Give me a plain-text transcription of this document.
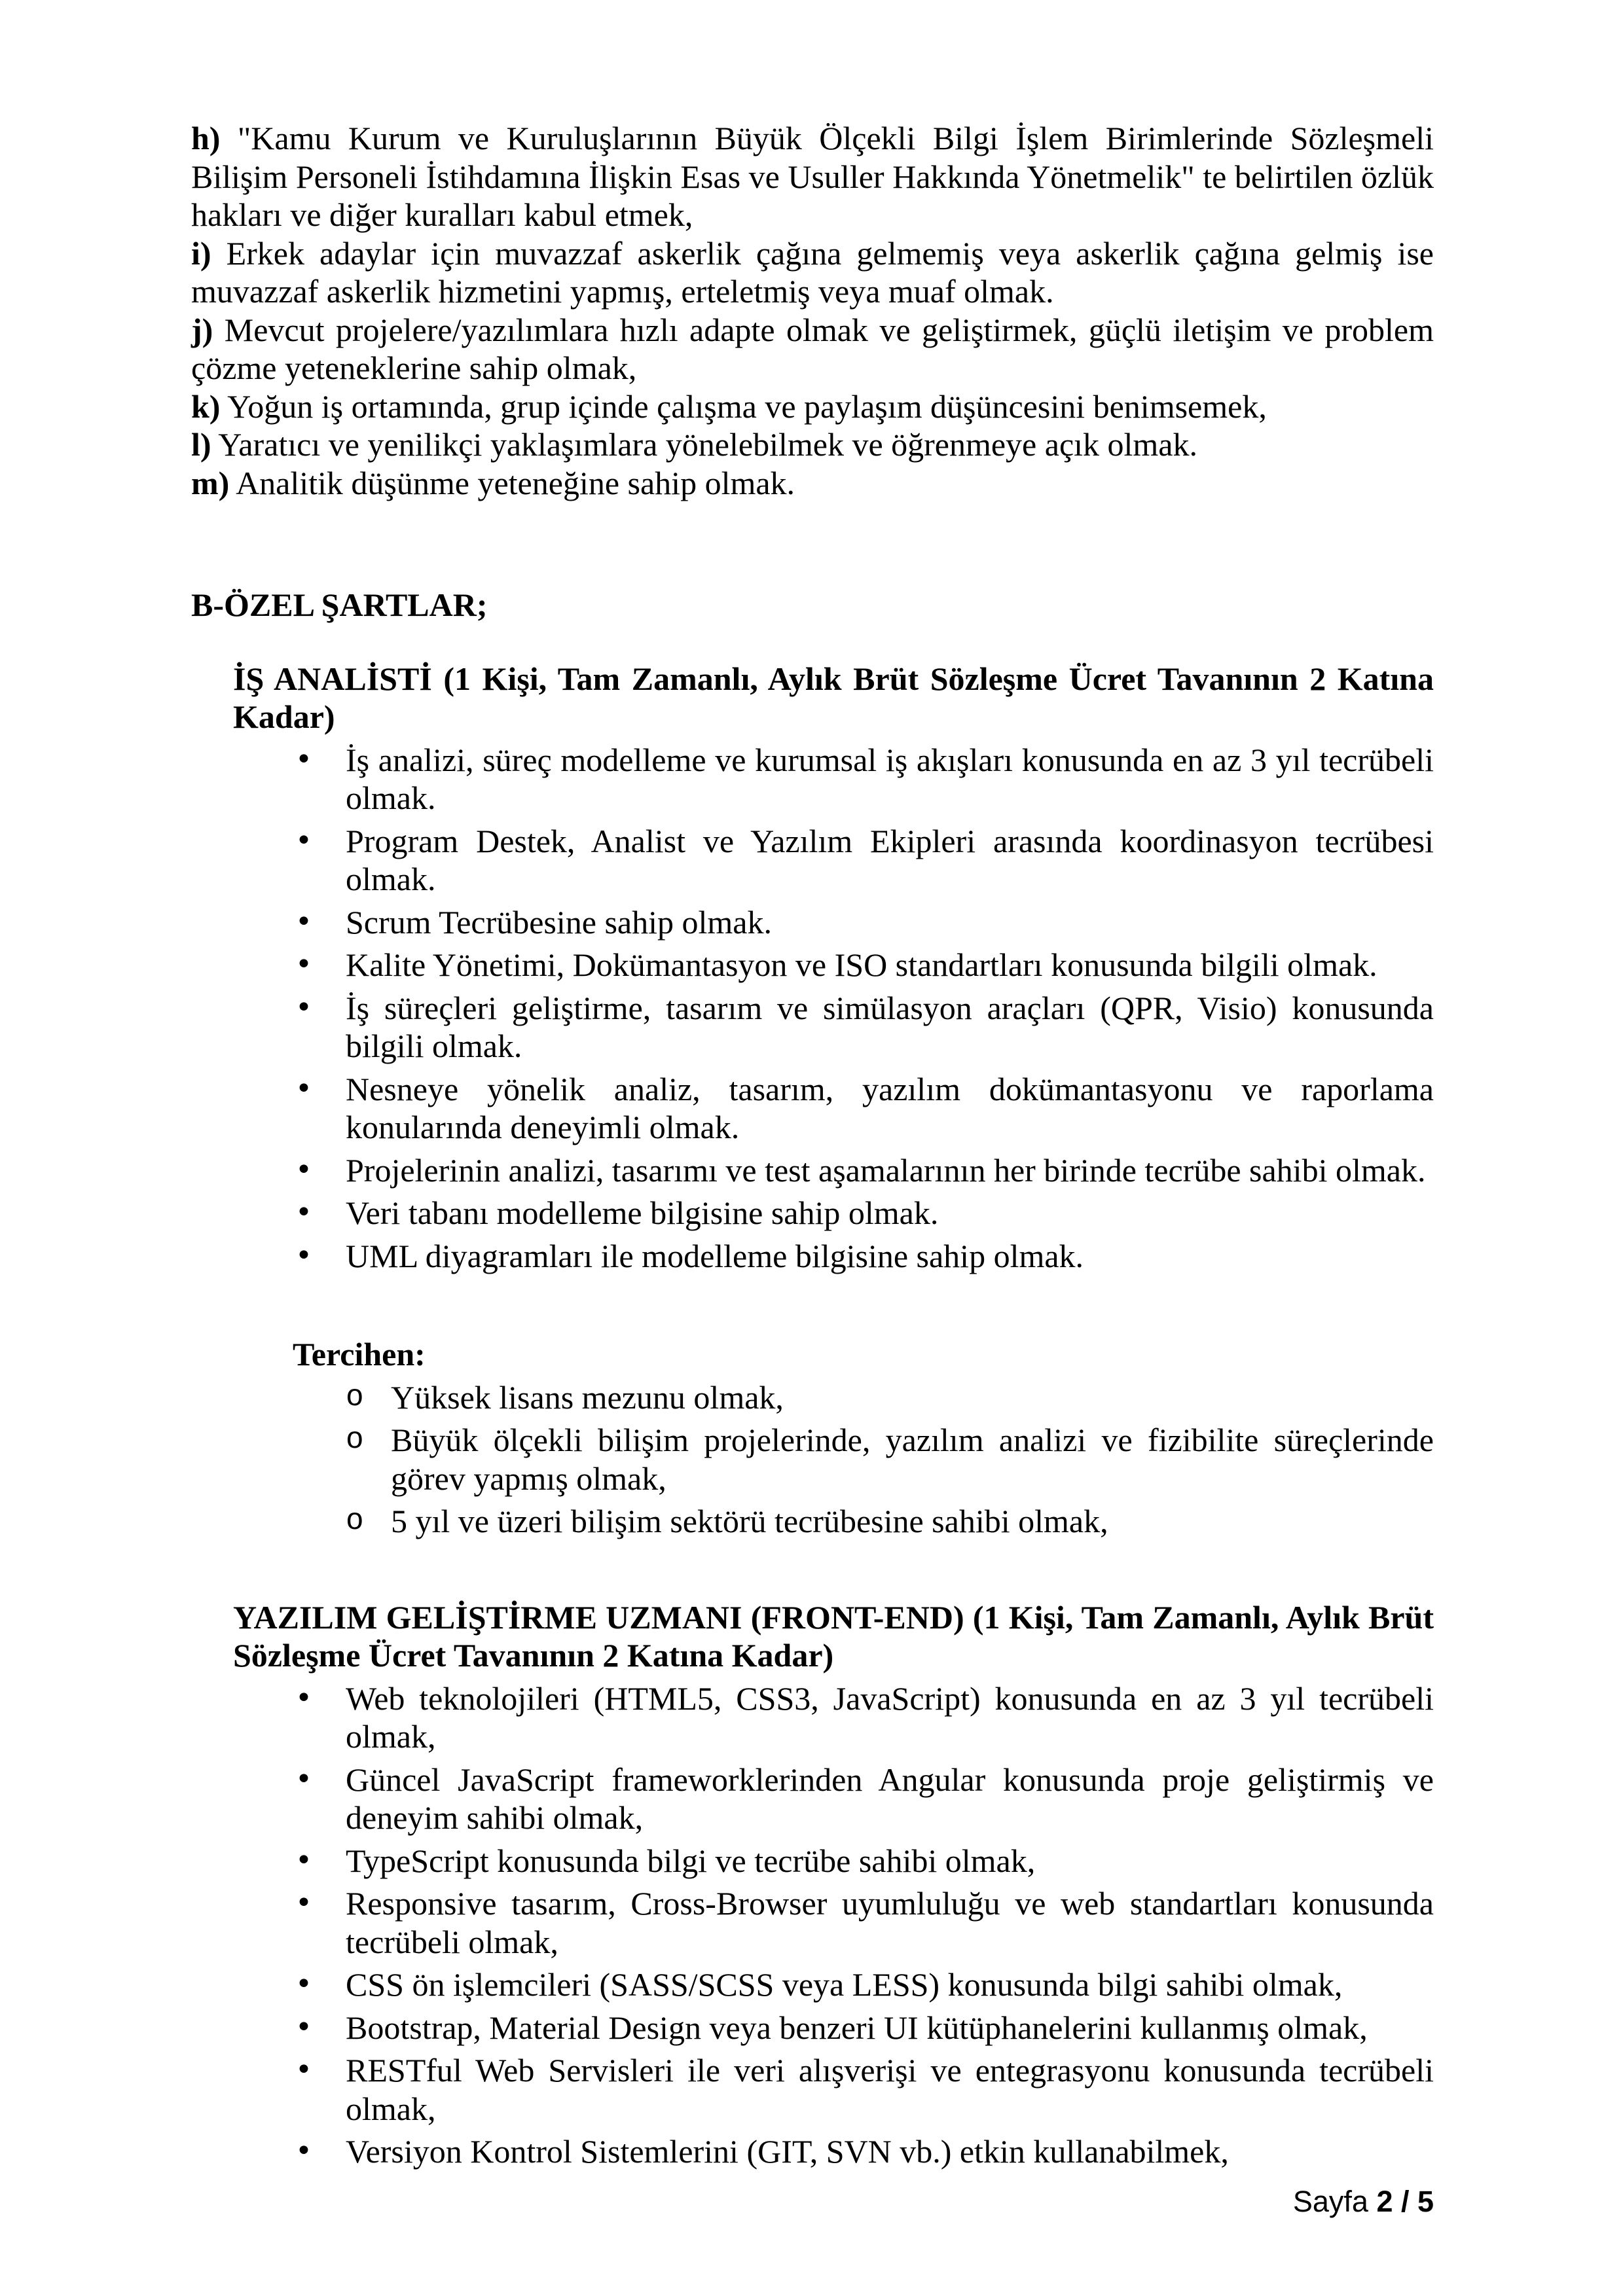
h) "Kamu Kurum ve Kuruluşlarının Büyük Ölçekli Bilgi İşlem Birimlerinde Sözleşmeli Bilişim Personeli İstihdamına İlişkin Esas ve Usuller Hakkında Yönetmelik" te belirtilen özlük hakları ve diğer kuralları kabul etmek,

i) Erkek adaylar için muvazzaf askerlik çağına gelmemiş veya askerlik çağına gelmiş ise muvazzaf askerlik hizmetini yapmış, erteletmiş veya muaf olmak.

j) Mevcut projelere/yazılımlara hızlı adapte olmak ve geliştirmek, güçlü iletişim ve problem çözme yeteneklerine sahip olmak,

k) Yoğun iş ortamında, grup içinde çalışma ve paylaşım düşüncesini benimsemek,

l) Yaratıcı ve yenilikçi yaklaşımlara yönelebilmek ve öğrenmeye açık olmak.

m) Analitik düşünme yeteneğine sahip olmak.

B-ÖZEL ŞARTLAR;
İŞ ANALİSTİ (1 Kişi, Tam Zamanlı, Aylık Brüt Sözleşme Ücret Tavanının 2 Katına Kadar)
•	İş analizi, süreç modelleme ve kurumsal iş akışları konusunda en az 3 yıl tecrübeli olmak.
•	Program Destek, Analist ve Yazılım Ekipleri arasında koordinasyon tecrübesi olmak.
•	Scrum Tecrübesine sahip olmak.
•	Kalite Yönetimi, Dokümantasyon ve ISO standartları konusunda bilgili olmak.
•	İş süreçleri geliştirme, tasarım ve simülasyon araçları (QPR, Visio) konusunda bilgili olmak.
•	Nesneye yönelik analiz, tasarım, yazılım dokümantasyonu ve raporlama konularında deneyimli olmak.
•	Projelerinin analizi, tasarımı ve test aşamalarının her birinde tecrübe sahibi olmak.
•	Veri tabanı modelleme bilgisine sahip olmak.
•	UML diyagramları ile modelleme bilgisine sahip olmak.
Tercihen:
o Yüksek lisans mezunu olmak,
o Büyük ölçekli bilişim projelerinde, yazılım analizi ve fizibilite süreçlerinde görev yapmış olmak,
o 5 yıl ve üzeri bilişim sektörü tecrübesine sahibi olmak,
YAZILIM GELİŞTİRME UZMANI (FRONT-END) (1 Kişi, Tam Zamanlı, Aylık Brüt Sözleşme Ücret Tavanının 2 Katına Kadar)
•	Web teknolojileri (HTML5, CSS3, JavaScript) konusunda en az 3 yıl tecrübeli olmak,
•	Güncel JavaScript frameworklerinden Angular konusunda proje geliştirmiş ve deneyim sahibi olmak,
•	TypeScript konusunda bilgi ve tecrübe sahibi olmak,
•	Responsive tasarım, Cross-Browser uyumluluğu ve web standartları konusunda tecrübeli olmak,
•	CSS ön işlemcileri (SASS/SCSS veya LESS) konusunda bilgi sahibi olmak,
•	Bootstrap, Material Design veya benzeri UI kütüphanelerini kullanmış olmak,
•	RESTful Web Servisleri ile veri alışverişi ve entegrasyonu konusunda tecrübeli olmak,
•	Versiyon Kontrol Sistemlerini (GIT, SVN vb.) etkin kullanabilmek,
Sayfa 2 / 5
